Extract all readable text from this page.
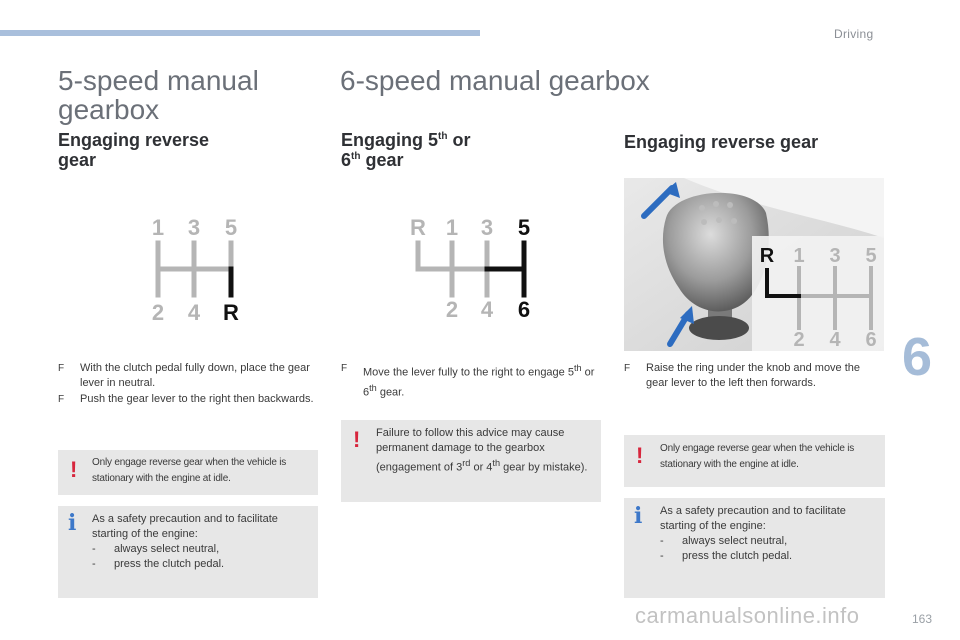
Driving
6
5-speed manual gearbox
Engaging reverse gear
1 3 5
2 4 R
F With the clutch pedal fully down, place the gear lever in neutral.
F Push the gear lever to the right then backwards.
! Only engage reverse gear when the vehicle is stationary with the engine at idle.
i As a safety precaution and to facilitate starting of the engine:
- always select neutral,
- press the clutch pedal.
6-speed manual gearbox
Engaging 5th or
6th gear
R 1 3 5
2 4 6
F Move the lever fully to the right to engage 5th or 6th gear.
! Failure to follow this advice may cause permanent damage to the gearbox (engagement of 3rd or 4th gear by mistake).
Engaging reverse gear
R 1 3 5
2 4 6
F Raise the ring under the knob and move the gear lever to the left then forwards.
! Only engage reverse gear when the vehicle is stationary with the engine at idle.
i As a safety precaution and to facilitate starting of the engine:
- always select neutral,
- press the clutch pedal.
carmanualsonline.info	163
